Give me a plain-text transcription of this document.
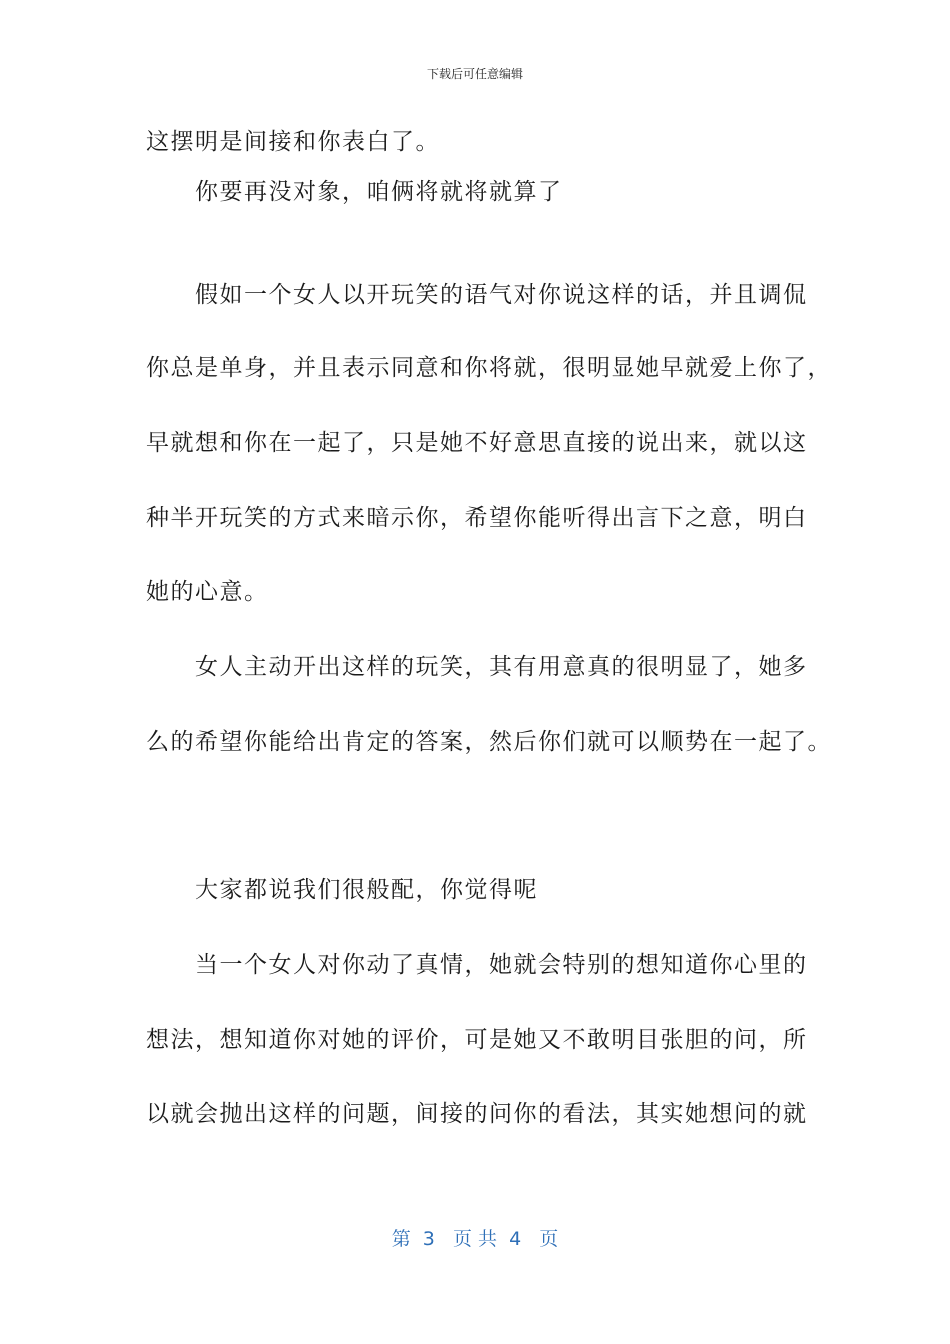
下载后可任意编辑
这摆明是间接和你表白了。
　　你要再没对象，咱俩将就将就算了
　　假如一个女人以开玩笑的语气对你说这样的话，并且调侃
你总是单身，并且表示同意和你将就，很明显她早就爱上你了，
早就想和你在一起了，只是她不好意思直接的说出来，就以这
种半开玩笑的方式来暗示你，希望你能听得出言下之意，明白
她的心意。
　　女人主动开出这样的玩笑，其有用意真的很明显了，她多
么的希望你能给出肯定的答案，然后你们就可以顺势在一起了。
　　大家都说我们很般配，你觉得呢
　　当一个女人对你动了真情，她就会特别的想知道你心里的
想法，想知道你对她的评价，可是她又不敢明目张胆的问，所
以就会抛出这样的问题，间接的问你的看法，其实她想问的就
第  3   页 共  4   页
